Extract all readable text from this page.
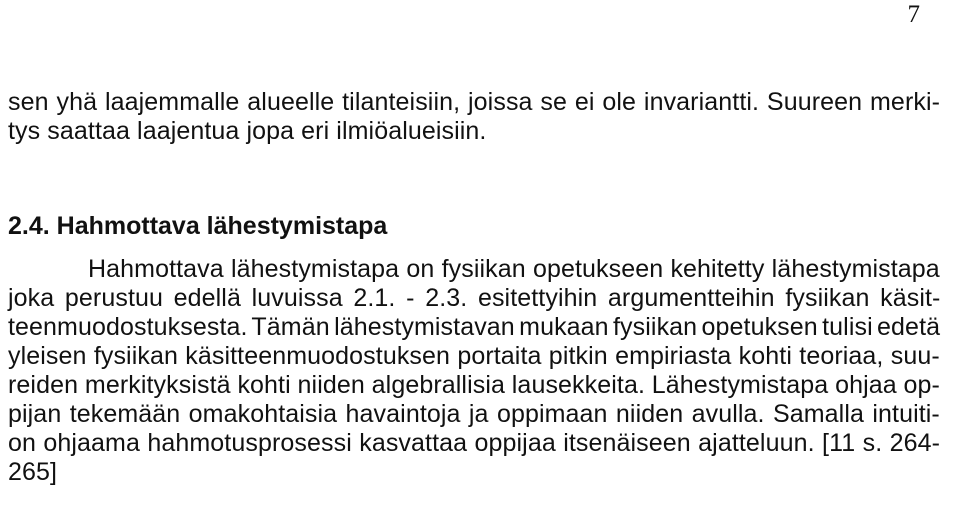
7
sen yhä laajemmalle alueelle tilanteisiin, joissa se ei ole invariantti. Suureen merki-
tys saattaa laajentua jopa eri ilmiöalueisiin.
2.4. Hahmottava lähestymistapa
Hahmottava lähestymistapa on fysiikan opetukseen kehitetty lähestymistapa
joka perustuu edellä luvuissa 2.1. - 2.3. esitettyihin argumentteihin fysiikan käsit-
teenmuodostuksesta. Tämän lähestymistavan mukaan fysiikan opetuksen tulisi edetä
yleisen fysiikan käsitteenmuodostuksen portaita pitkin empiriasta kohti teoriaa, suu-
reiden merkityksistä kohti niiden algebrallisia lausekkeita. Lähestymistapa ohjaa op-
pijan tekemään omakohtaisia havaintoja ja oppimaan niiden avulla. Samalla intuiti-
on ohjaama hahmotusprosessi kasvattaa oppijaa itsenäiseen ajatteluun. [11 s. 264-
265]
